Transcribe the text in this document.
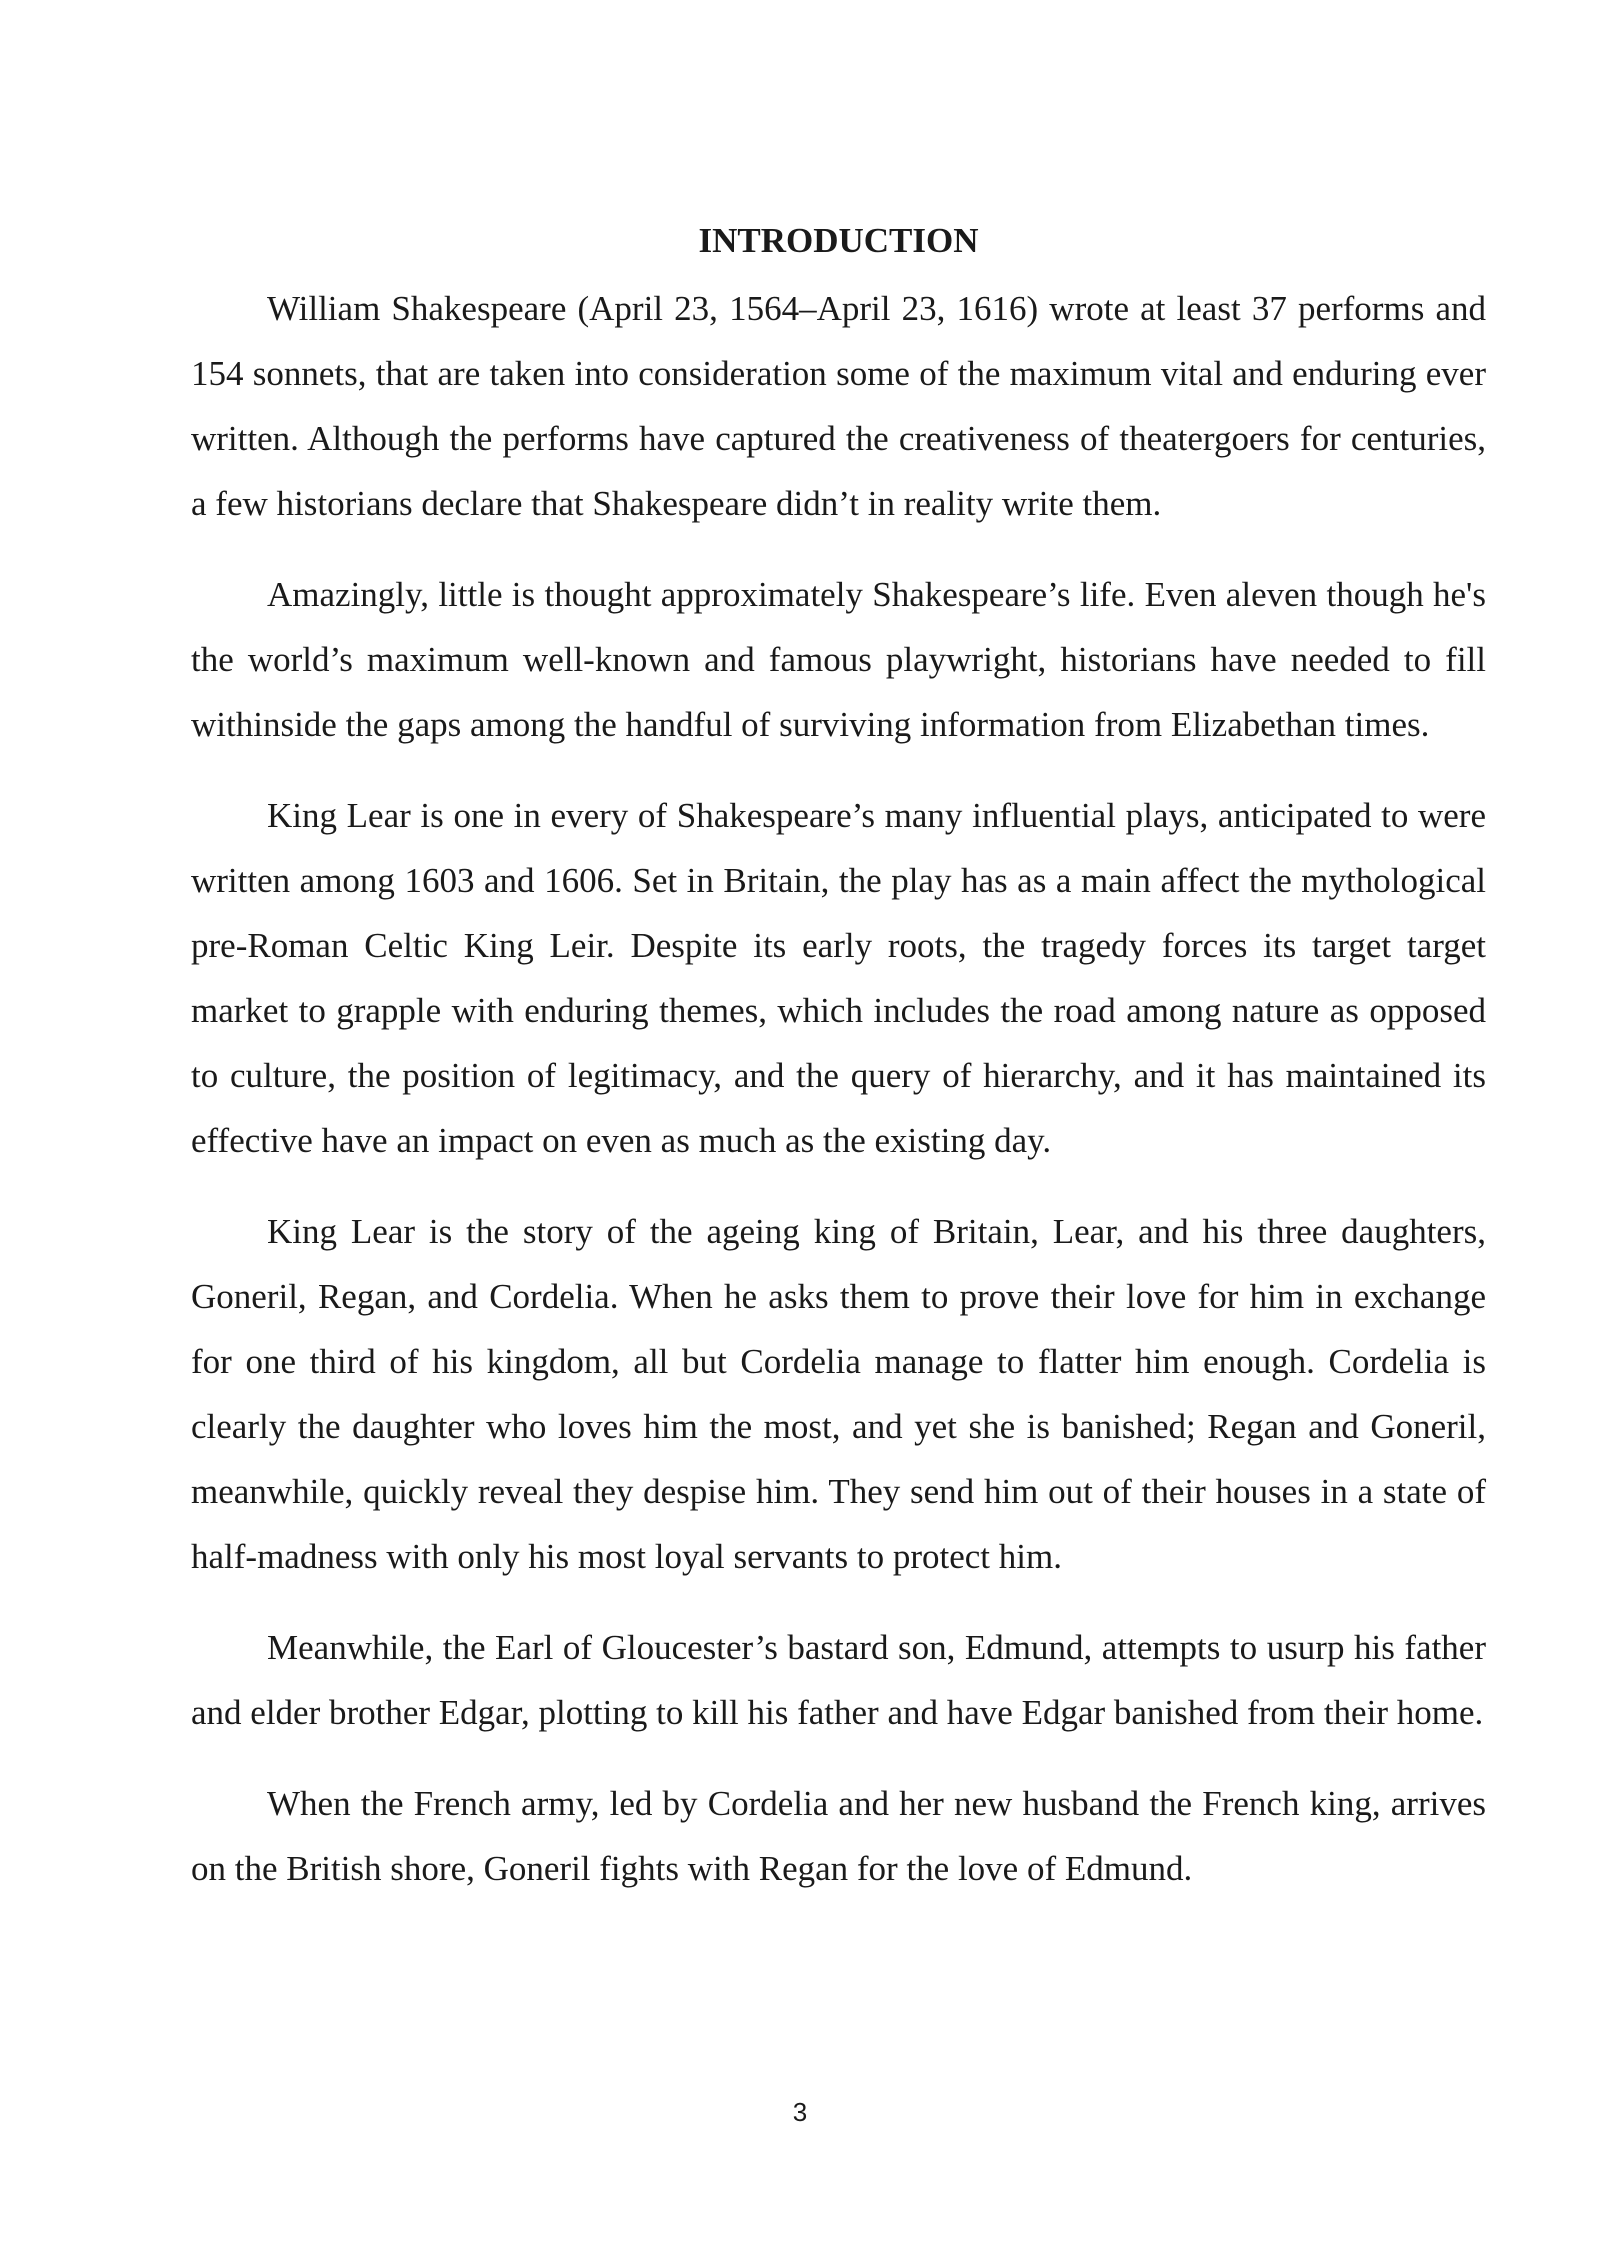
INTRODUCTION

William Shakespeare (April 23, 1564–April 23, 1616) wrote at least 37 performs and 154 sonnets, that are taken into consideration some of the maximum vital and enduring ever written. Although the performs have captured the creativeness of theatergoers for centuries, a few historians declare that Shakespeare didn’t in reality write them.

Amazingly, little is thought approximately Shakespeare’s life. Even aleven though he's the world’s maximum well-known and famous playwright, historians have needed to fill withinside the gaps among the handful of surviving information from Elizabethan times.

King Lear is one in every of Shakespeare’s many influential plays, anticipated to were written among 1603 and 1606. Set in Britain, the play has as a main affect the mythological pre-Roman Celtic King Leir. Despite its early roots, the tragedy forces its target target market to grapple with enduring themes, which includes the road among nature as opposed to culture, the position of legitimacy, and the query of hierarchy, and it has maintained its effective have an impact on even as much as the existing day.

King Lear is the story of the ageing king of Britain, Lear, and his three daughters, Goneril, Regan, and Cordelia. When he asks them to prove their love for him in exchange for one third of his kingdom, all but Cordelia manage to flatter him enough. Cordelia is clearly the daughter who loves him the most, and yet she is banished; Regan and Goneril, meanwhile, quickly reveal they despise him. They send him out of their houses in a state of half-madness with only his most loyal servants to protect him.

Meanwhile, the Earl of Gloucester’s bastard son, Edmund, attempts to usurp his father and elder brother Edgar, plotting to kill his father and have Edgar banished from their home.

When the French army, led by Cordelia and her new husband the French king, arrives on the British shore, Goneril fights with Regan for the love of Edmund.

3
